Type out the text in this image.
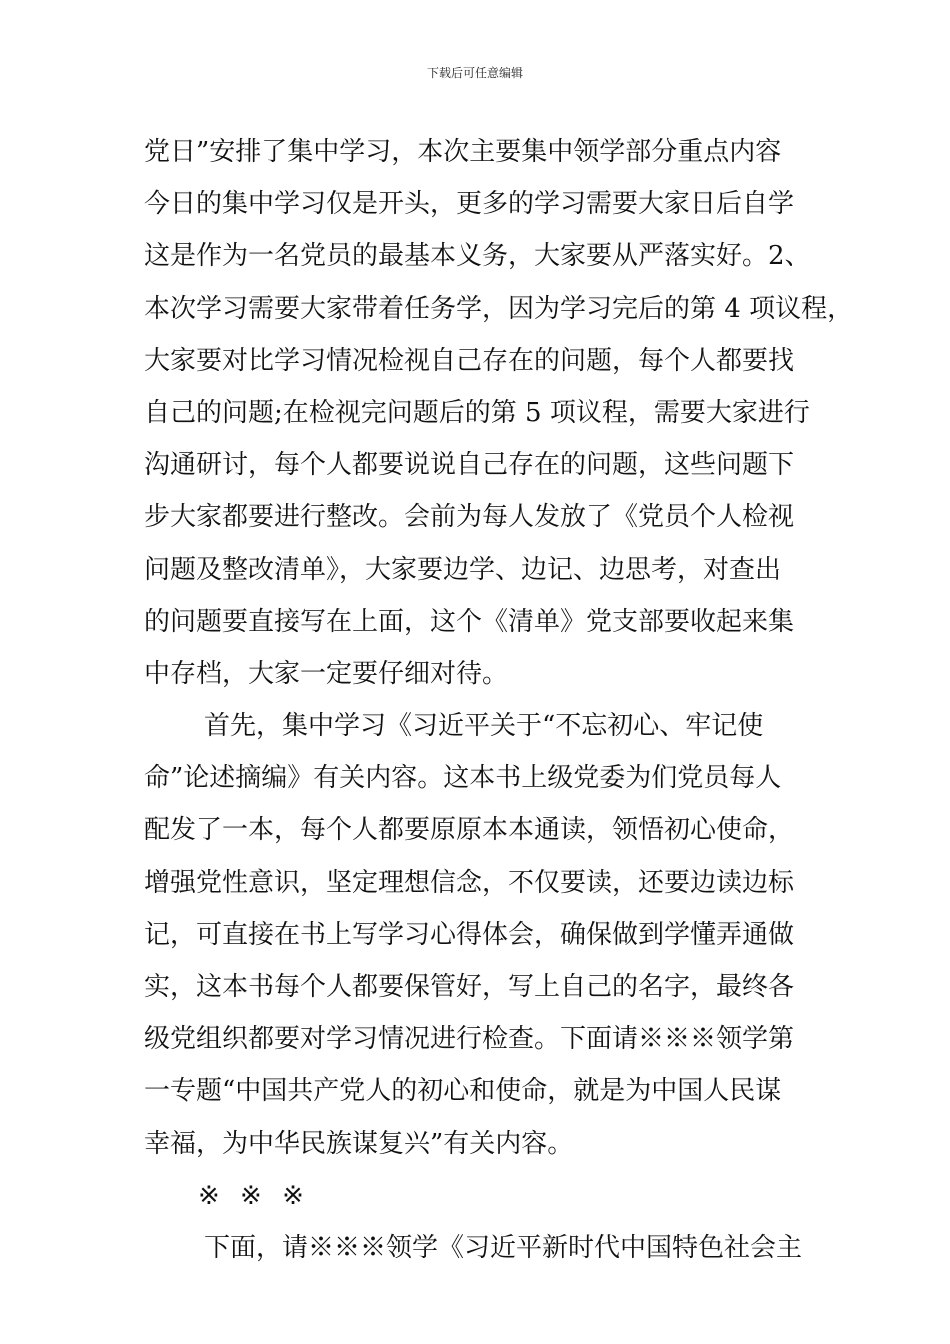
下载后可任意编辑
党日”安排了集中学习，本次主要集中领学部分重点内容
今日的集中学习仅是开头，更多的学习需要大家日后自学
这是作为一名党员的最基本义务，大家要从严落实好。2、
本次学习需要大家带着任务学，因为学习完后的第 4 项议程，
大家要对比学习情况检视自己存在的问题，每个人都要找
自己的问题;在检视完问题后的第 5 项议程，需要大家进行
沟通研讨，每个人都要说说自己存在的问题，这些问题下
步大家都要进行整改。会前为每人发放了《党员个人检视
问题及整改清单》，大家要边学、边记、边思考，对查出
的问题要直接写在上面，这个《清单》党支部要收起来集
中存档，大家一定要仔细对待。
首先，集中学习《习近平关于“不忘初心、牢记使
命”论述摘编》有关内容。这本书上级党委为们党员每人
配发了一本，每个人都要原原本本通读，领悟初心使命，
增强党性意识，坚定理想信念，不仅要读，还要边读边标
记，可直接在书上写学习心得体会，确保做到学懂弄通做
实，这本书每个人都要保管好，写上自己的名字，最终各
级党组织都要对学习情况进行检查。下面请※※※领学第
一专题“中国共产党人的初心和使命，就是为中国人民谋
幸福，为中华民族谋复兴”有关内容。
※ ※ ※
下面，请※※※领学《习近平新时代中国特色社会主
